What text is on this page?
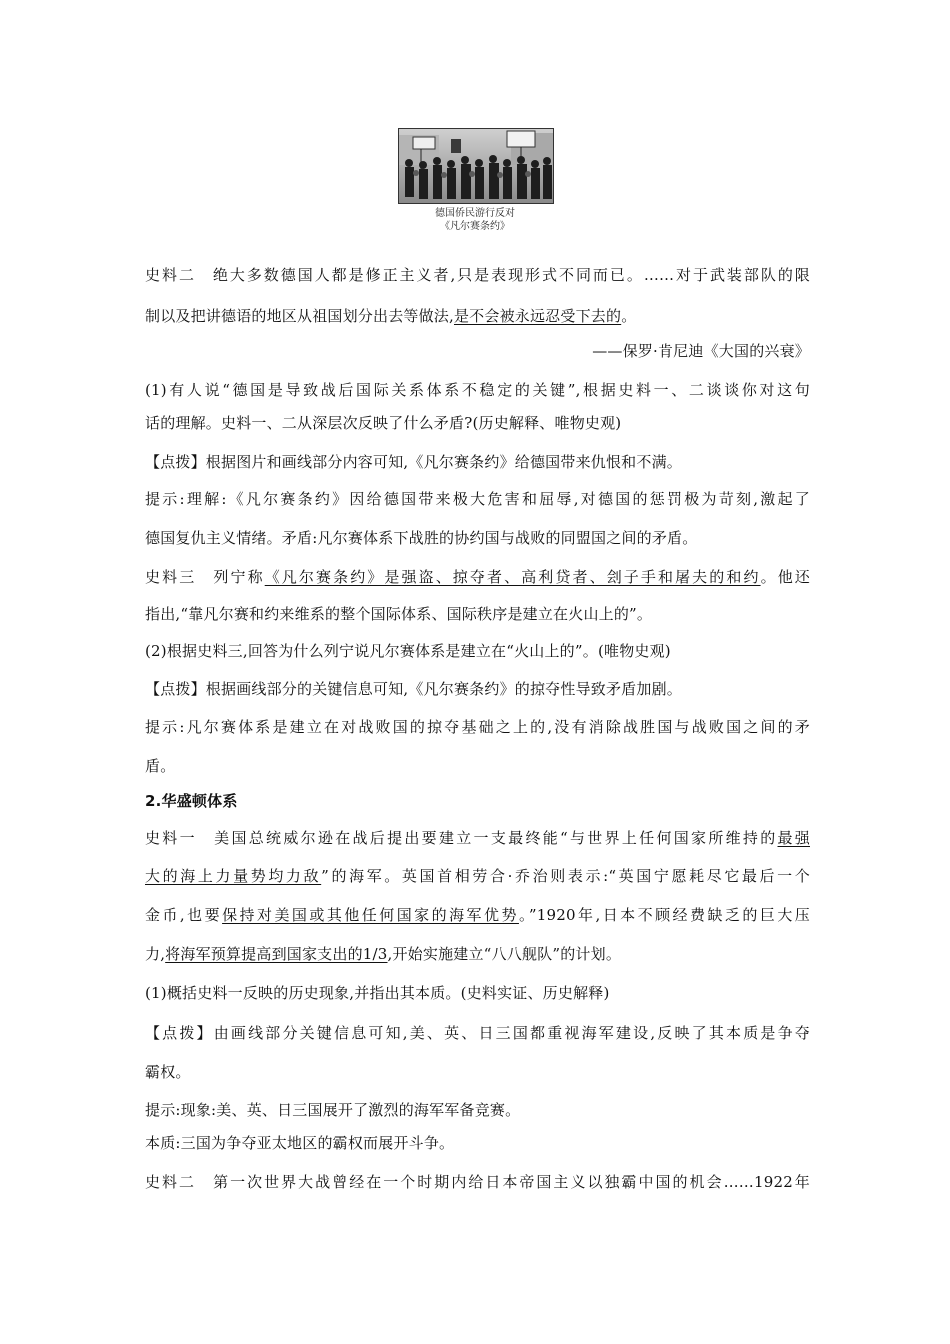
德国侨民游行反对
《凡尔赛条约》
史料二　绝大多数德国人都是修正主义者,只是表现形式不同而已。……对于武装部队的限
制以及把讲德语的地区从祖国划分出去等做法,是不会被永远忍受下去的。
——保罗·肯尼迪《大国的兴衰》
(1)有人说“德国是导致战后国际关系体系不稳定的关键”,根据史料一、二谈谈你对这句
话的理解。史料一、二从深层次反映了什么矛盾?(历史解释、唯物史观)
【点拨】根据图片和画线部分内容可知,《凡尔赛条约》给德国带来仇恨和不满。
提示:理解:《凡尔赛条约》因给德国带来极大危害和屈辱,对德国的惩罚极为苛刻,激起了
德国复仇主义情绪。矛盾:凡尔赛体系下战胜的协约国与战败的同盟国之间的矛盾。
史料三　列宁称《凡尔赛条约》是强盗、掠夺者、高利贷者、刽子手和屠夫的和约。他还
指出,“靠凡尔赛和约来维系的整个国际体系、国际秩序是建立在火山上的”。
(2)根据史料三,回答为什么列宁说凡尔赛体系是建立在“火山上的”。(唯物史观)
【点拨】根据画线部分的关键信息可知,《凡尔赛条约》的掠夺性导致矛盾加剧。
提示:凡尔赛体系是建立在对战败国的掠夺基础之上的,没有消除战胜国与战败国之间的矛
盾。
2.华盛顿体系
史料一　美国总统威尔逊在战后提出要建立一支最终能“与世界上任何国家所维持的最强
大的海上力量势均力敌”的海军。英国首相劳合·乔治则表示:“英国宁愿耗尽它最后一个
金币,也要保持对美国或其他任何国家的海军优势。”1920年,日本不顾经费缺乏的巨大压
力,将海军预算提高到国家支出的1/3,开始实施建立“八八舰队”的计划。
(1)概括史料一反映的历史现象,并指出其本质。(史料实证、历史解释)
【点拨】由画线部分关键信息可知,美、英、日三国都重视海军建设,反映了其本质是争夺
霸权。
提示:现象:美、英、日三国展开了激烈的海军军备竞赛。
本质:三国为争夺亚太地区的霸权而展开斗争。
史料二　第一次世界大战曾经在一个时期内给日本帝国主义以独霸中国的机会……1922年
